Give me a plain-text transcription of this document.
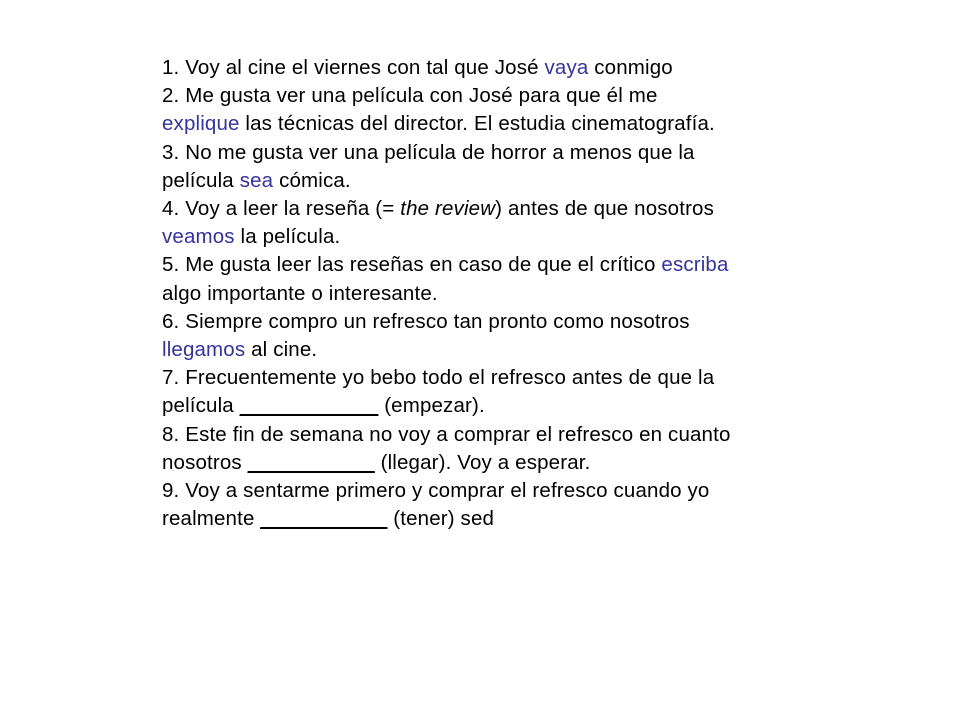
1. Voy al cine el viernes con tal que José vaya conmigo
2. Me gusta ver una película con José para que él me
explique las técnicas del director. El estudia cinematografía.
3. No me gusta ver una película de horror a menos que la
película sea cómica.
4. Voy a leer la reseña (= the review) antes de que nosotros
veamos la película.
5. Me gusta leer las reseñas en caso de que el crítico escriba
algo importante o interesante.
6. Siempre compro un refresco tan pronto como nosotros
llegamos al cine.
7. Frecuentemente yo bebo todo el refresco antes de que la
película ____________ (empezar).
8. Este fin de semana no voy a comprar el refresco en cuanto
nosotros ___________ (llegar). Voy a esperar.
9. Voy a sentarme primero y comprar el refresco cuando yo
realmente ___________ (tener) sed
